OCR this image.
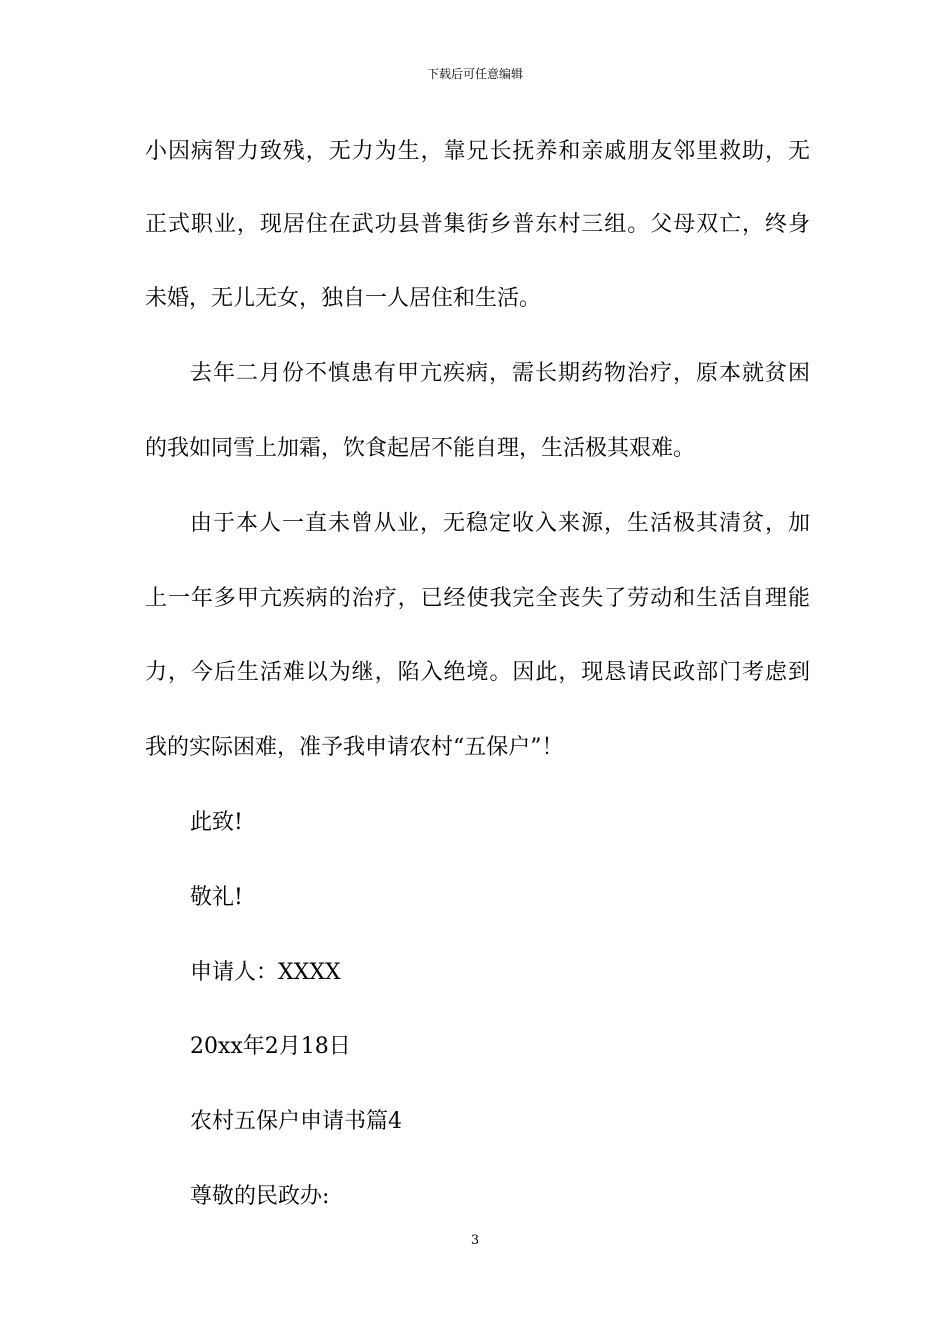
下载后可任意编辑
小因病智力致残，无力为生，靠兄长抚养和亲戚朋友邻里救助，无
正式职业，现居住在武功县普集街乡普东村三组。父母双亡，终身
未婚，无儿无女，独自一人居住和生活。
去年二月份不慎患有甲亢疾病，需长期药物治疗，原本就贫困
的我如同雪上加霜，饮食起居不能自理，生活极其艰难。
由于本人一直未曾从业，无稳定收入来源，生活极其清贫，加
上一年多甲亢疾病的治疗，已经使我完全丧失了劳动和生活自理能
力，今后生活难以为继，陷入绝境。因此，现恳请民政部门考虑到
我的实际困难，准予我申请农村“五保户”！
此致!
敬礼!
申请人：XXXX
20xx年2月18日
农村五保户申请书篇4
尊敬的民政办:
3
